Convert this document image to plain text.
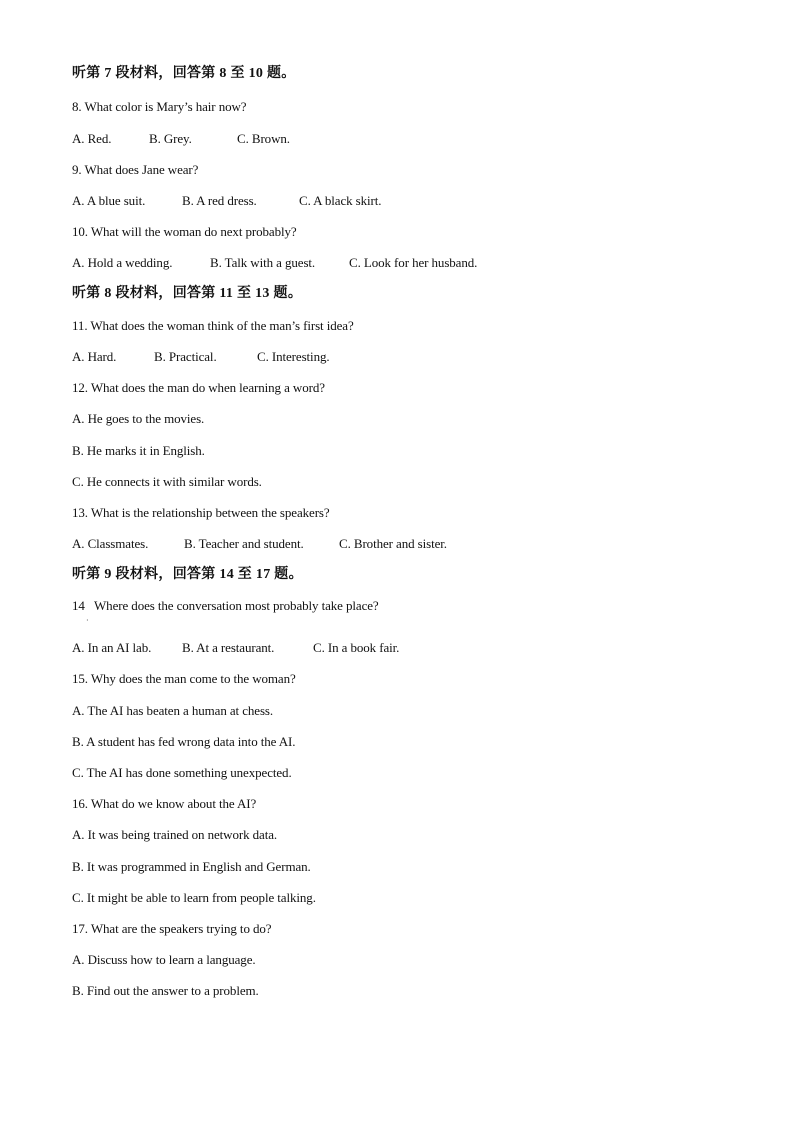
听第 7 段材料，回答第 8 至 10 题。
8. What color is Mary’s hair now?
A. Red.	B. Grey.	C. Brown.
9. What does Jane wear?
A. A blue suit.	B. A red dress.	C. A black skirt.
10. What will the woman do next probably?
A. Hold a wedding.	B. Talk with a guest.	C. Look for her husband.
听第 8 段材料，回答第 11 至 13 题。
11. What does the woman think of the man’s first idea?
A. Hard.	B. Practical.	C. Interesting.
12. What does the man do when learning a word?
A. He goes to the movies.
B. He marks it in English.
C. He connects it with similar words.
13. What is the relationship between the speakers?
A. Classmates.	B. Teacher and student.	C. Brother and sister.
听第 9 段材料，回答第 14 至 17 题。
14   Where does the conversation most probably take place?
·
A. In an AI lab. B. At a restaurant.	C. In a book fair.
15. Why does the man come to the woman?
A. The AI has beaten a human at chess.
B. A student has fed wrong data into the AI.
C. The AI has done something unexpected.
16. What do we know about the AI?
A. It was being trained on network data.
B. It was programmed in English and German.
C. It might be able to learn from people talking.
17. What are the speakers trying to do?
A. Discuss how to learn a language.
B. Find out the answer to a problem.
